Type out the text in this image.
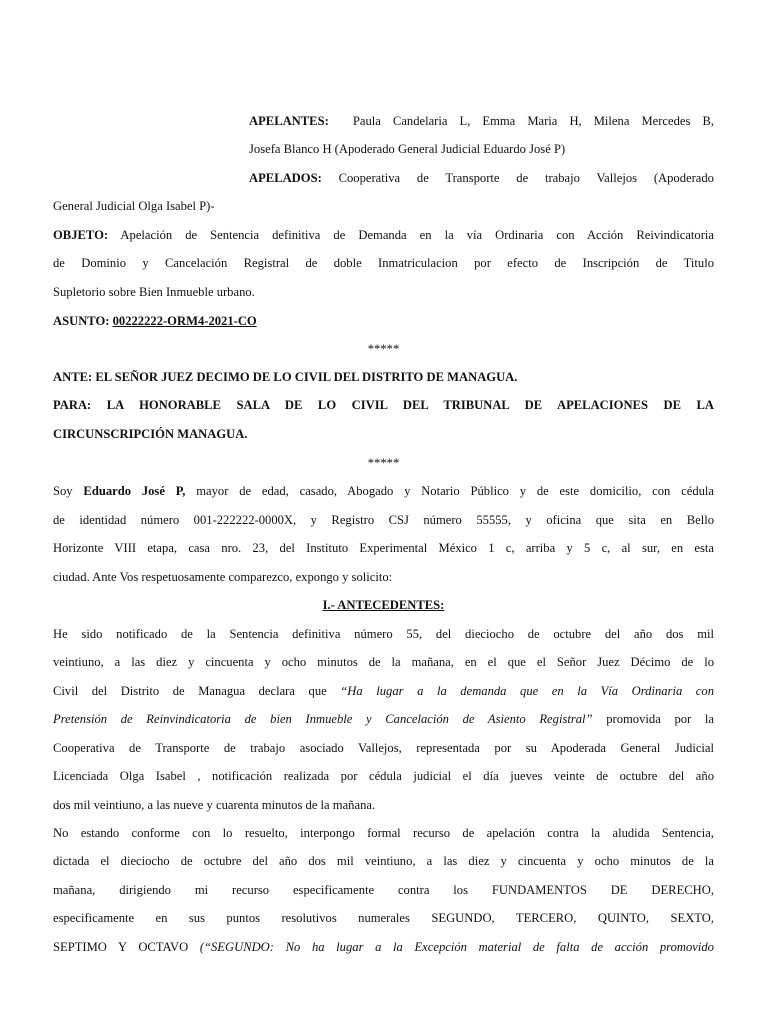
APELANTES: Paula Candelaria L, Emma Maria H, Milena Mercedes B,
Josefa Blanco H (Apoderado General Judicial Eduardo José P)
APELADOS: Cooperativa de Transporte de trabajo Vallejos (Apoderado
General Judicial Olga Isabel P)-
OBJETO: Apelación de Sentencia definitiva de Demanda en la vía Ordinaria con Acción Reivindicatoria
de Dominio y Cancelación Registral de doble Inmatriculacion por efecto de Inscripción de Titulo
Supletorio sobre Bien Inmueble urbano.
ASUNTO: 00222222-ORM4-2021-CO
*****
ANTE: EL SEÑOR JUEZ DECIMO DE LO CIVIL DEL DISTRITO DE MANAGUA.
PARA: LA HONORABLE SALA DE LO CIVIL DEL TRIBUNAL DE APELACIONES DE LA
CIRCUNSCRIPCIÓN MANAGUA.
*****
Soy Eduardo José P, mayor de edad, casado, Abogado y Notario Público y de este domicilio, con cédula
de identidad número 001-222222-0000X, y Registro CSJ número 55555, y oficina que sita en Bello
Horizonte VIII etapa, casa nro. 23, del Instituto Experimental México 1 c, arriba y 5 c, al sur, en esta
ciudad. Ante Vos respetuosamente comparezco, expongo y solicito:
I.- ANTECEDENTES:
He sido notificado de la Sentencia definitiva número 55, del dieciocho de octubre del año dos mil
veintiuno, a las diez y cincuenta y ocho minutos de la mañana, en el que el Señor Juez Décimo de lo
Civil del Distrito de Managua declara que “Ha lugar a la demanda que en la Vía Ordinaria con
Pretensión de Reinvindicatoria de bien Inmueble y Cancelación de Asiento Registral” promovida por la
Cooperativa de Transporte de trabajo asociado Vallejos, representada por su Apoderada General Judicial
Licenciada Olga Isabel , notificación realizada por cédula judicial el día jueves veinte de octubre del año
dos mil veintiuno, a las nueve y cuarenta minutos de la mañana.
No estando conforme con lo resuelto, interpongo formal recurso de apelación contra la aludida Sentencia,
dictada el dieciocho de octubre del año dos mil veintiuno, a las diez y cincuenta y ocho minutos de la
mañana, dirigiendo mi recurso especificamente contra los FUNDAMENTOS DE DERECHO,
especificamente en sus puntos resolutivos numerales SEGUNDO, TERCERO, QUINTO, SEXTO,
SEPTIMO Y OCTAVO (“SEGUNDO: No ha lugar a la Excepción material de falta de acción promovido
